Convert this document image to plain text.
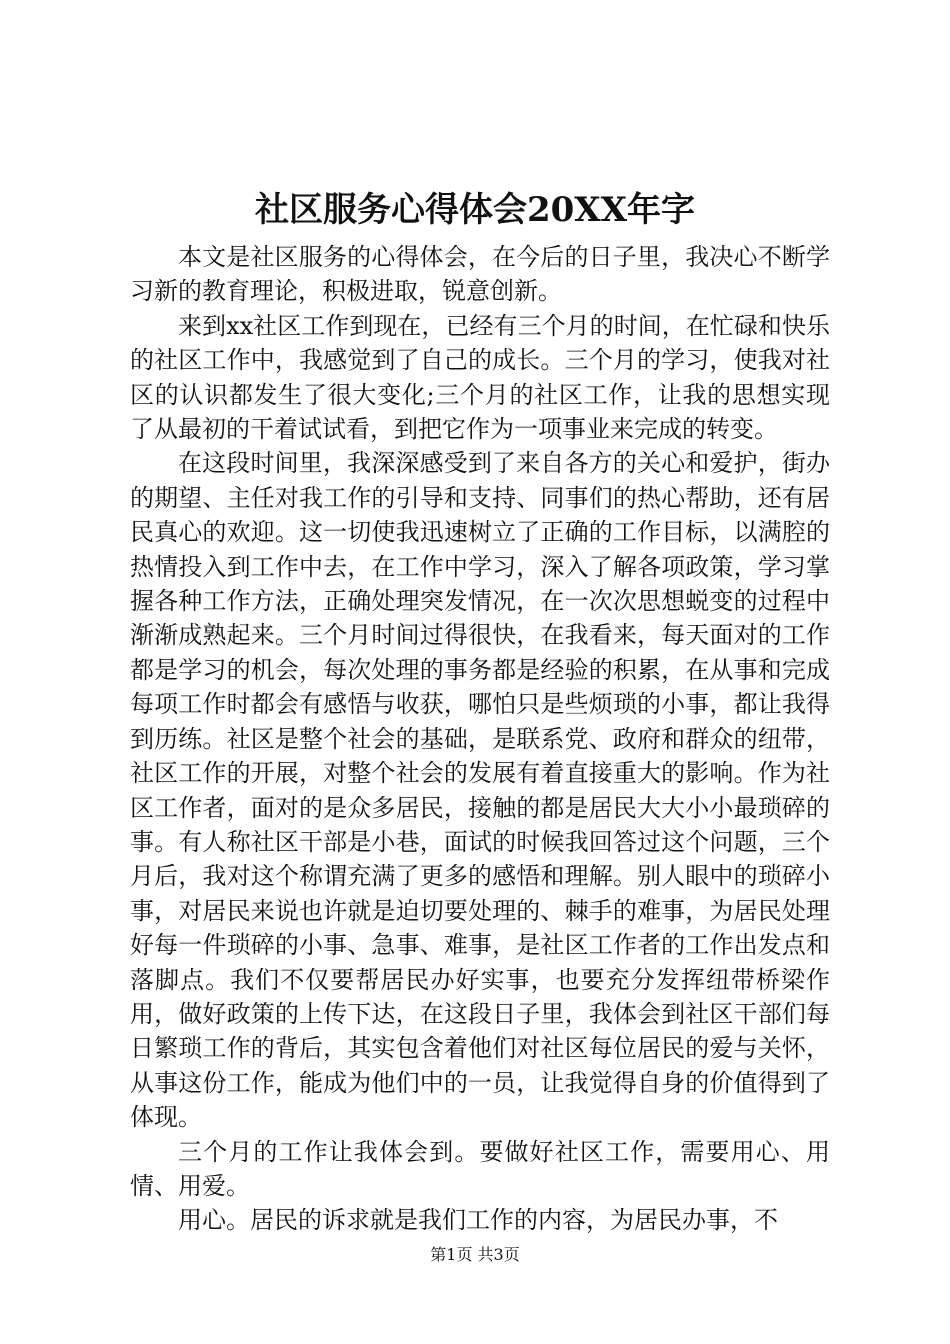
社区服务心得体会20XX年字

本文是社区服务的心得体会，在今后的日子里，我决心不断学习新的教育理论，积极进取，锐意创新。

来到xx社区工作到现在，已经有三个月的时间，在忙碌和快乐的社区工作中，我感觉到了自己的成长。三个月的学习，使我对社区的认识都发生了很大变化;三个月的社区工作，让我的思想实现了从最初的干着试试看，到把它作为一项事业来完成的转变。

在这段时间里，我深深感受到了来自各方的关心和爱护，街办的期望、主任对我工作的引导和支持、同事们的热心帮助，还有居民真心的欢迎。这一切使我迅速树立了正确的工作目标，以满腔的热情投入到工作中去，在工作中学习，深入了解各项政策，学习掌握各种工作方法，正确处理突发情况，在一次次思想蜕变的过程中渐渐成熟起来。三个月时间过得很快，在我看来，每天面对的工作都是学习的机会，每次处理的事务都是经验的积累，在从事和完成每项工作时都会有感悟与收获，哪怕只是些烦琐的小事，都让我得到历练。社区是整个社会的基础，是联系党、政府和群众的纽带，社区工作的开展，对整个社会的发展有着直接重大的影响。作为社区工作者，面对的是众多居民，接触的都是居民大大小小最琐碎的事。有人称社区干部是小巷，面试的时候我回答过这个问题，三个月后，我对这个称谓充满了更多的感悟和理解。别人眼中的琐碎小事，对居民来说也许就是迫切要处理的、棘手的难事，为居民处理好每一件琐碎的小事、急事、难事，是社区工作者的工作出发点和落脚点。我们不仅要帮居民办好实事，也要充分发挥纽带桥梁作用，做好政策的上传下达，在这段日子里，我体会到社区干部们每日繁琐工作的背后，其实包含着他们对社区每位居民的爱与关怀，从事这份工作，能成为他们中的一员，让我觉得自身的价值得到了体现。

三个月的工作让我体会到。要做好社区工作，需要用心、用情、用爱。

用心。居民的诉求就是我们工作的内容，为居民办事，不

第1页 共3页
